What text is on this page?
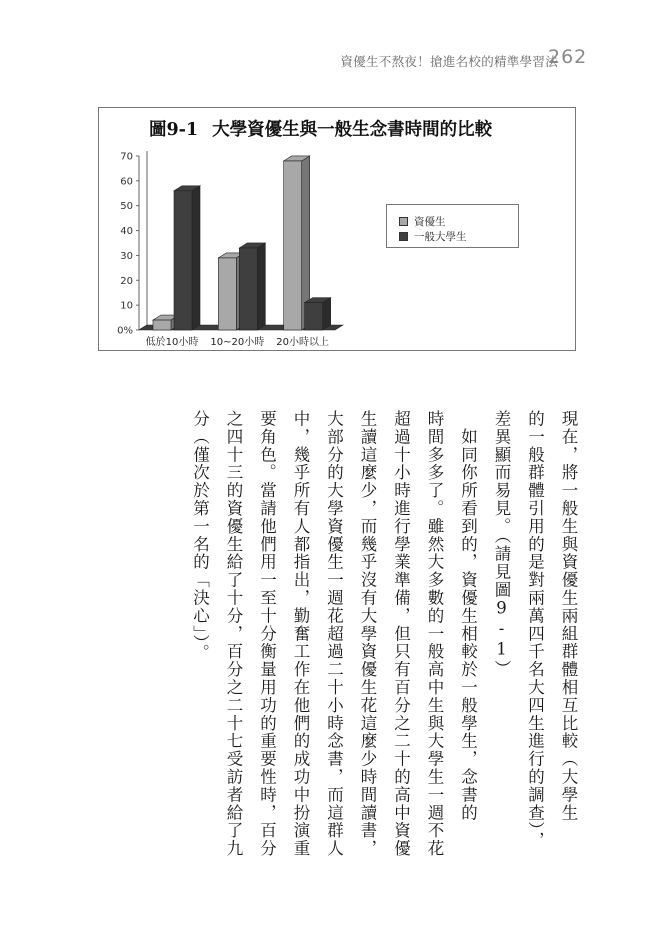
資優生不熬夜！搶進名校的精準學習法
262
0%
10
20
30
40
50
60
70
低於10小時 10~20小時 20小時以上
圖9-1 大學資優生與一般生念書時間的比較
資優生
一般大學生
現在，將一般生與資優生兩組群體相互比較（大學生
的一般群體引用的是對兩萬四千名大四生進行的調查），
差異顯而易見。（請見圖9-1）
　如同你所看到的，資優生相較於一般學生，念書的
時間多多了。雖然大多數的一般高中生與大學生一週不花
超過十小時進行學業準備，但只有百分之二十的高中資優
生讀這麼少，而幾乎沒有大學資優生花這麼少時間讀書，
大部分的大學資優生一週花超過二十小時念書，而這群人
中，幾乎所有人都指出，勤奮工作在他們的成功中扮演重
要角色。當請他們用一至十分衡量用功的重要性時，百分
之四十三的資優生給了十分，百分之二十七受訪者給了九
分（僅次於第一名的「決心」）。
